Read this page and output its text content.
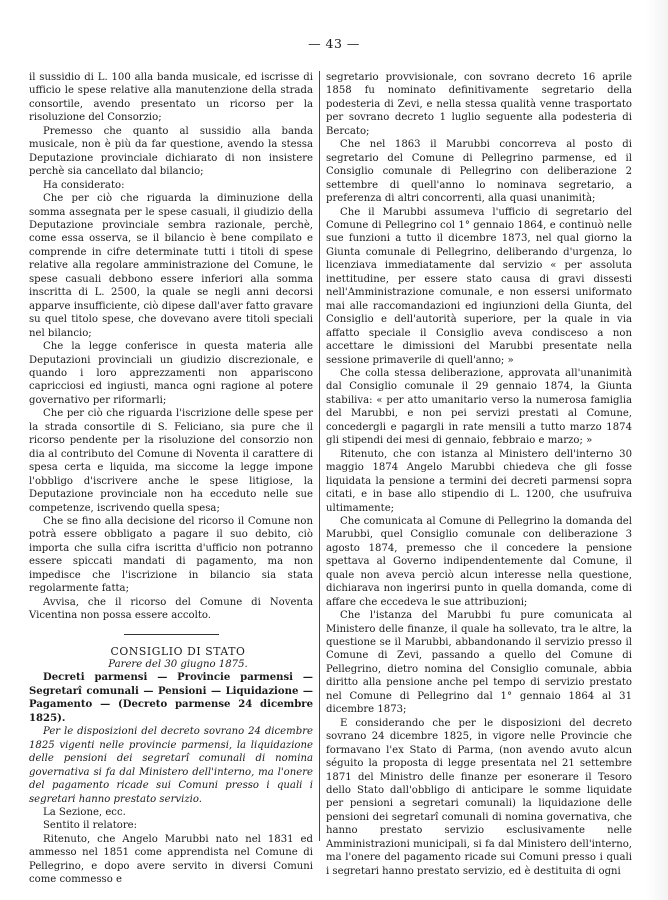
— 43 —

il sussidio di L. 100 alla banda musicale, ed iscrisse di ufficio le spese relative alla manutenzione della strada consortile, avendo presentato un ricorso per la risoluzione del Consorzio;

Premesso che quanto al sussidio alla banda musicale, non è più da far questione, avendo la stessa Deputazione provinciale dichiarato di non insistere perchè sia cancellato dal bilancio;

Ha considerato:

Che per ciò che riguarda la diminuzione della somma assegnata per le spese casuali, il giudizio della Deputazione provinciale sembra razionale, perchè, come essa osserva, se il bilancio è bene compilato e comprende in cifre determinate tutti i titoli di spese relative alla regolare amministrazione del Comune, le spese casuali debbono essere inferiori alla somma inscritta di L. 2500, la quale se negli anni decorsi apparve insufficiente, ciò dipese dall'aver fatto gravare su quel titolo spese, che dovevano avere titoli speciali nel bilancio;

Che la legge conferisce in questa materia alle Deputazioni provinciali un giudizio discrezionale, e quando i loro apprezzamenti non appariscono capricciosi ed ingiusti, manca ogni ragione al potere governativo per riformarli;

Che per ciò che riguarda l'iscrizione delle spese per la strada consortile di S. Feliciano, sia pure che il ricorso pendente per la risoluzione del consorzio non dia al contributo del Comune di Noventa il carattere di spesa certa e liquida, ma siccome la legge impone l'obbligo d'iscrivere anche le spese litigiose, la Deputazione provinciale non ha ecceduto nelle sue competenze, iscrivendo quella spesa;

Che se fino alla decisione del ricorso il Comune non potrà essere obbligato a pagare il suo debito, ciò importa che sulla cifra iscritta d'ufficio non potranno essere spiccati mandati di pagamento, ma non impedisce che l'iscrizione in bilancio sia stata regolarmente fatta;

Avvisa, che il ricorso del Comune di Noventa Vicentina non possa essere accolto.

CONSIGLIO DI STATO

Parere del 30 giugno 1875.

Decreti parmensi — Provincie parmensi — Segretarî comunali — Pensioni — Liquidazione — Pagamento — (Decreto parmense 24 dicembre 1825).

Per le disposizioni del decreto sovrano 24 dicembre 1825 vigenti nelle provincie parmensi, la liquidazione delle pensioni dei segretarî comunali di nomina governativa si fa dal Ministero dell'interno, ma l'onere del pagamento ricade sui Comuni presso i quali i segretari hanno prestato servizio.

La Sezione, ecc.

Sentito il relatore:

Ritenuto, che Angelo Marubbi nato nel 1831 ed ammesso nel 1851 come apprendista nel Comune di Pellegrino, e dopo avere servito in diversi Comuni come commesso e

segretario provvisionale, con sovrano decreto 16 aprile 1858 fu nominato definitivamente segretario della podesteria di Zevi, e nella stessa qualità venne trasportato per sovrano decreto 1 luglio seguente alla podesteria di Bercato;

Che nel 1863 il Marubbi concorreva al posto di segretario del Comune di Pellegrino parmense, ed il Consiglio comunale di Pellegrino con deliberazione 2 settembre di quell'anno lo nominava segretario, a preferenza di altri concorrenti, alla quasi unanimità;

Che il Marubbi assumeva l'ufficio di segretario del Comune di Pellegrino col 1° gennaio 1864, e continuò nelle sue funzioni a tutto il dicembre 1873, nel qual giorno la Giunta comunale di Pellegrino, deliberando d'urgenza, lo licenziava immediatamente dal servizio « per assoluta inettitudine, per essere stato causa di gravi dissesti nell'Amministrazione comunale, e non essersi uniformato mai alle raccomandazioni ed ingiunzioni della Giunta, del Consiglio e dell'autorità superiore, per la quale in via affatto speciale il Consiglio aveva condisceso a non accettare le dimissioni del Marubbi presentate nella sessione primaverile di quell'anno; »

Che colla stessa deliberazione, approvata all'unanimità dal Consiglio comunale il 29 gennaio 1874, la Giunta stabiliva: « per atto umanitario verso la numerosa famiglia del Marubbi, e non pei servizi prestati al Comune, concedergli e pagargli in rate mensili a tutto marzo 1874 gli stipendi dei mesi di gennaio, febbraio e marzo; »

Ritenuto, che con istanza al Ministero dell'interno 30 maggio 1874 Angelo Marubbi chiedeva che gli fosse liquidata la pensione a termini dei decreti parmensi sopra citati, e in base allo stipendio di L. 1200, che usufruiva ultimamente;

Che comunicata al Comune di Pellegrino la domanda del Marubbi, quel Consiglio comunale con deliberazione 3 agosto 1874, premesso che il concedere la pensione spettava al Governo indipendentemente dal Comune, il quale non aveva perciò alcun interesse nella questione, dichiarava non ingerirsi punto in quella domanda, come di affare che eccedeva le sue attribuzioni;

Che l'istanza del Marubbi fu pure comunicata al Ministero delle finanze, il quale ha sollevato, tra le altre, la questione se il Marubbi, abbandonando il servizio presso il Comune di Zevi, passando a quello del Comune di Pellegrino, dietro nomina del Consiglio comunale, abbia diritto alla pensione anche pel tempo di servizio prestato nel Comune di Pellegrino dal 1° gennaio 1864 al 31 dicembre 1873;

E considerando che per le disposizioni del decreto sovrano 24 dicembre 1825, in vigore nelle Provincie che formavano l'ex Stato di Parma, (non avendo avuto alcun séguito la proposta di legge presentata nel 21 settembre 1871 del Ministro delle finanze per esonerare il Tesoro dello Stato dall'obbligo di anticipare le somme liquidate per pensioni a segretari comunali) la liquidazione delle pensioni dei segretarî comunali di nomina governativa, che hanno prestato servizio esclusivamente nelle Amministrazioni municipali, si fa dal Ministero dell'interno, ma l'onere del pagamento ricade sui Comuni presso i quali i segretari hanno prestato servizio, ed è destituita di ogni
